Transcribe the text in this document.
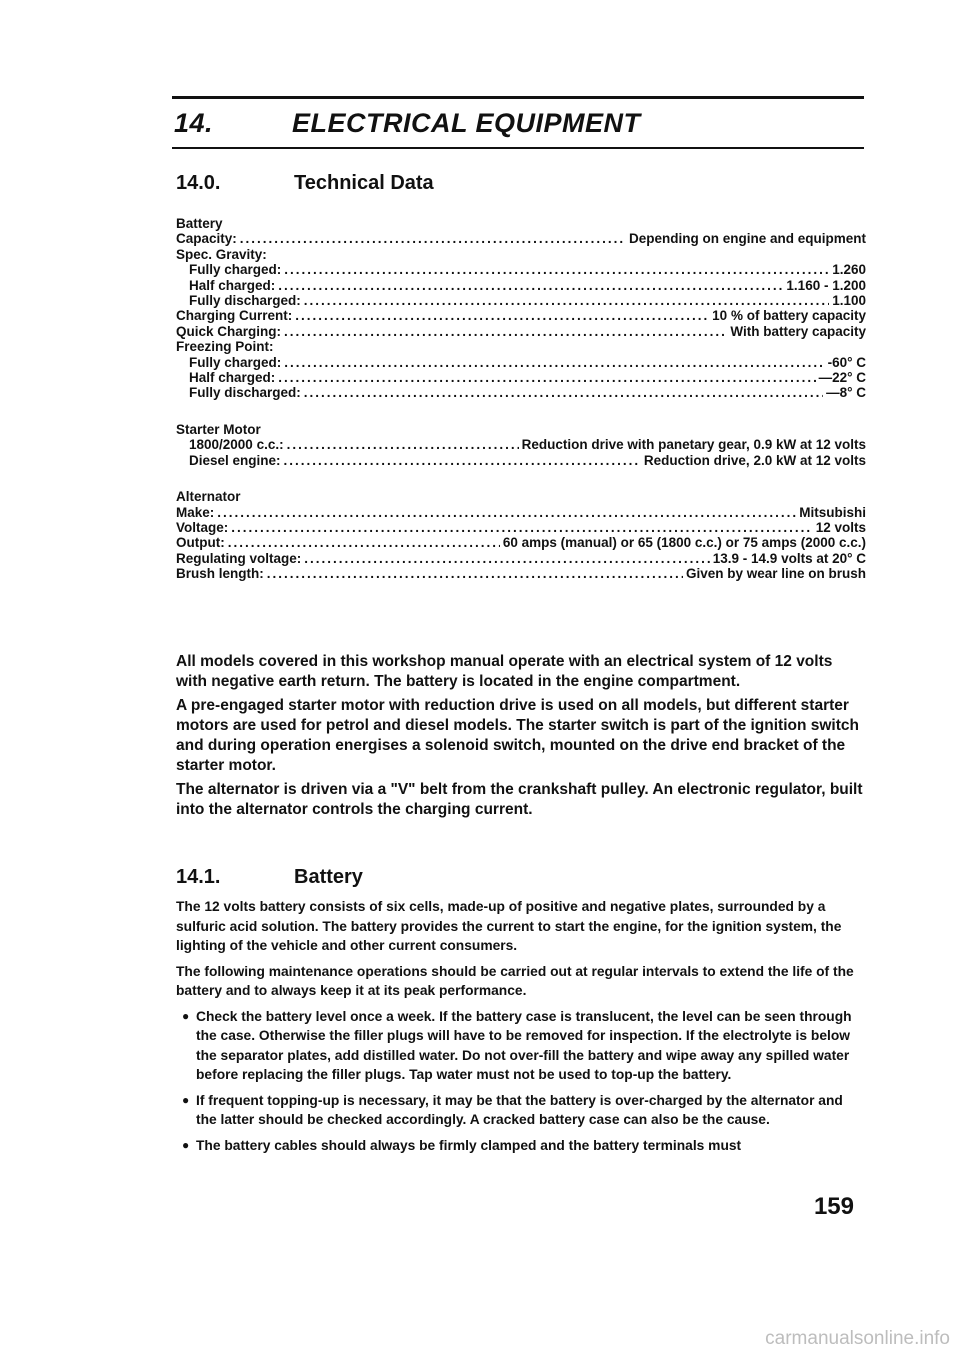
14.	ELECTRICAL EQUIPMENT
14.0.	Technical Data
Battery
Capacity: .....	Depending on engine and equipment
Spec. Gravity:
Fully charged: .....	1.260
Half charged: .....	1.160 - 1.200
Fully discharged: .....	1.100
Charging Current: .....	10 % of battery capacity
Quick Charging: .....	With battery capacity
Freezing Point:
Fully charged: .....	-60° C
Half charged: .....	—22° C
Fully discharged: .....	—8° C
Starter Motor
1800/2000 c.c.: .....	Reduction drive with panetary gear, 0.9 kW at 12 volts
Diesel engine: .....	Reduction drive, 2.0 kW at 12 volts
Alternator
Make: .....	Mitsubishi
Voltage: .....	12 volts
Output: .....	60 amps (manual) or 65 (1800 c.c.) or 75 amps (2000 c.c.)
Regulating voltage: .....	13.9 - 14.9 volts at 20° C
Brush length: .....	Given by wear line on brush

All models covered in this workshop manual operate with an electrical system of 12 volts with negative earth return. The battery is located in the engine compartment.

A pre-engaged starter motor with reduction drive is used on all models, but different starter motors are used for petrol and diesel models. The starter switch is part of the ignition switch and during operation energises a solenoid switch, mounted on the drive end bracket of the starter motor.

The alternator is driven via a "V" belt from the crankshaft pulley. An electronic regulator, built into the alternator controls the charging current.

14.1.	Battery

The 12 volts battery consists of six cells, made-up of positive and negative plates, surrounded by a sulfuric acid solution. The battery provides the current to start the engine, for the ignition system, the lighting of the vehicle and other current consumers.

The following maintenance operations should be carried out at regular intervals to extend the life of the battery and to always keep it at its peak performance.

● Check the battery level once a week. If the battery case is translucent, the level can be seen through the case. Otherwise the filler plugs will have to be removed for inspection. If the electrolyte is below the separator plates, add distilled water. Do not over-fill the battery and wipe away any spilled water before replacing the filler plugs. Tap water must not be used to top-up the battery.
● If frequent topping-up is necessary, it may be that the battery is over-charged by the alternator and the latter should be checked accordingly. A cracked battery case can also be the cause.
● The battery cables should always be firmly clamped and the battery terminals must
159
carmanualsonline.info
